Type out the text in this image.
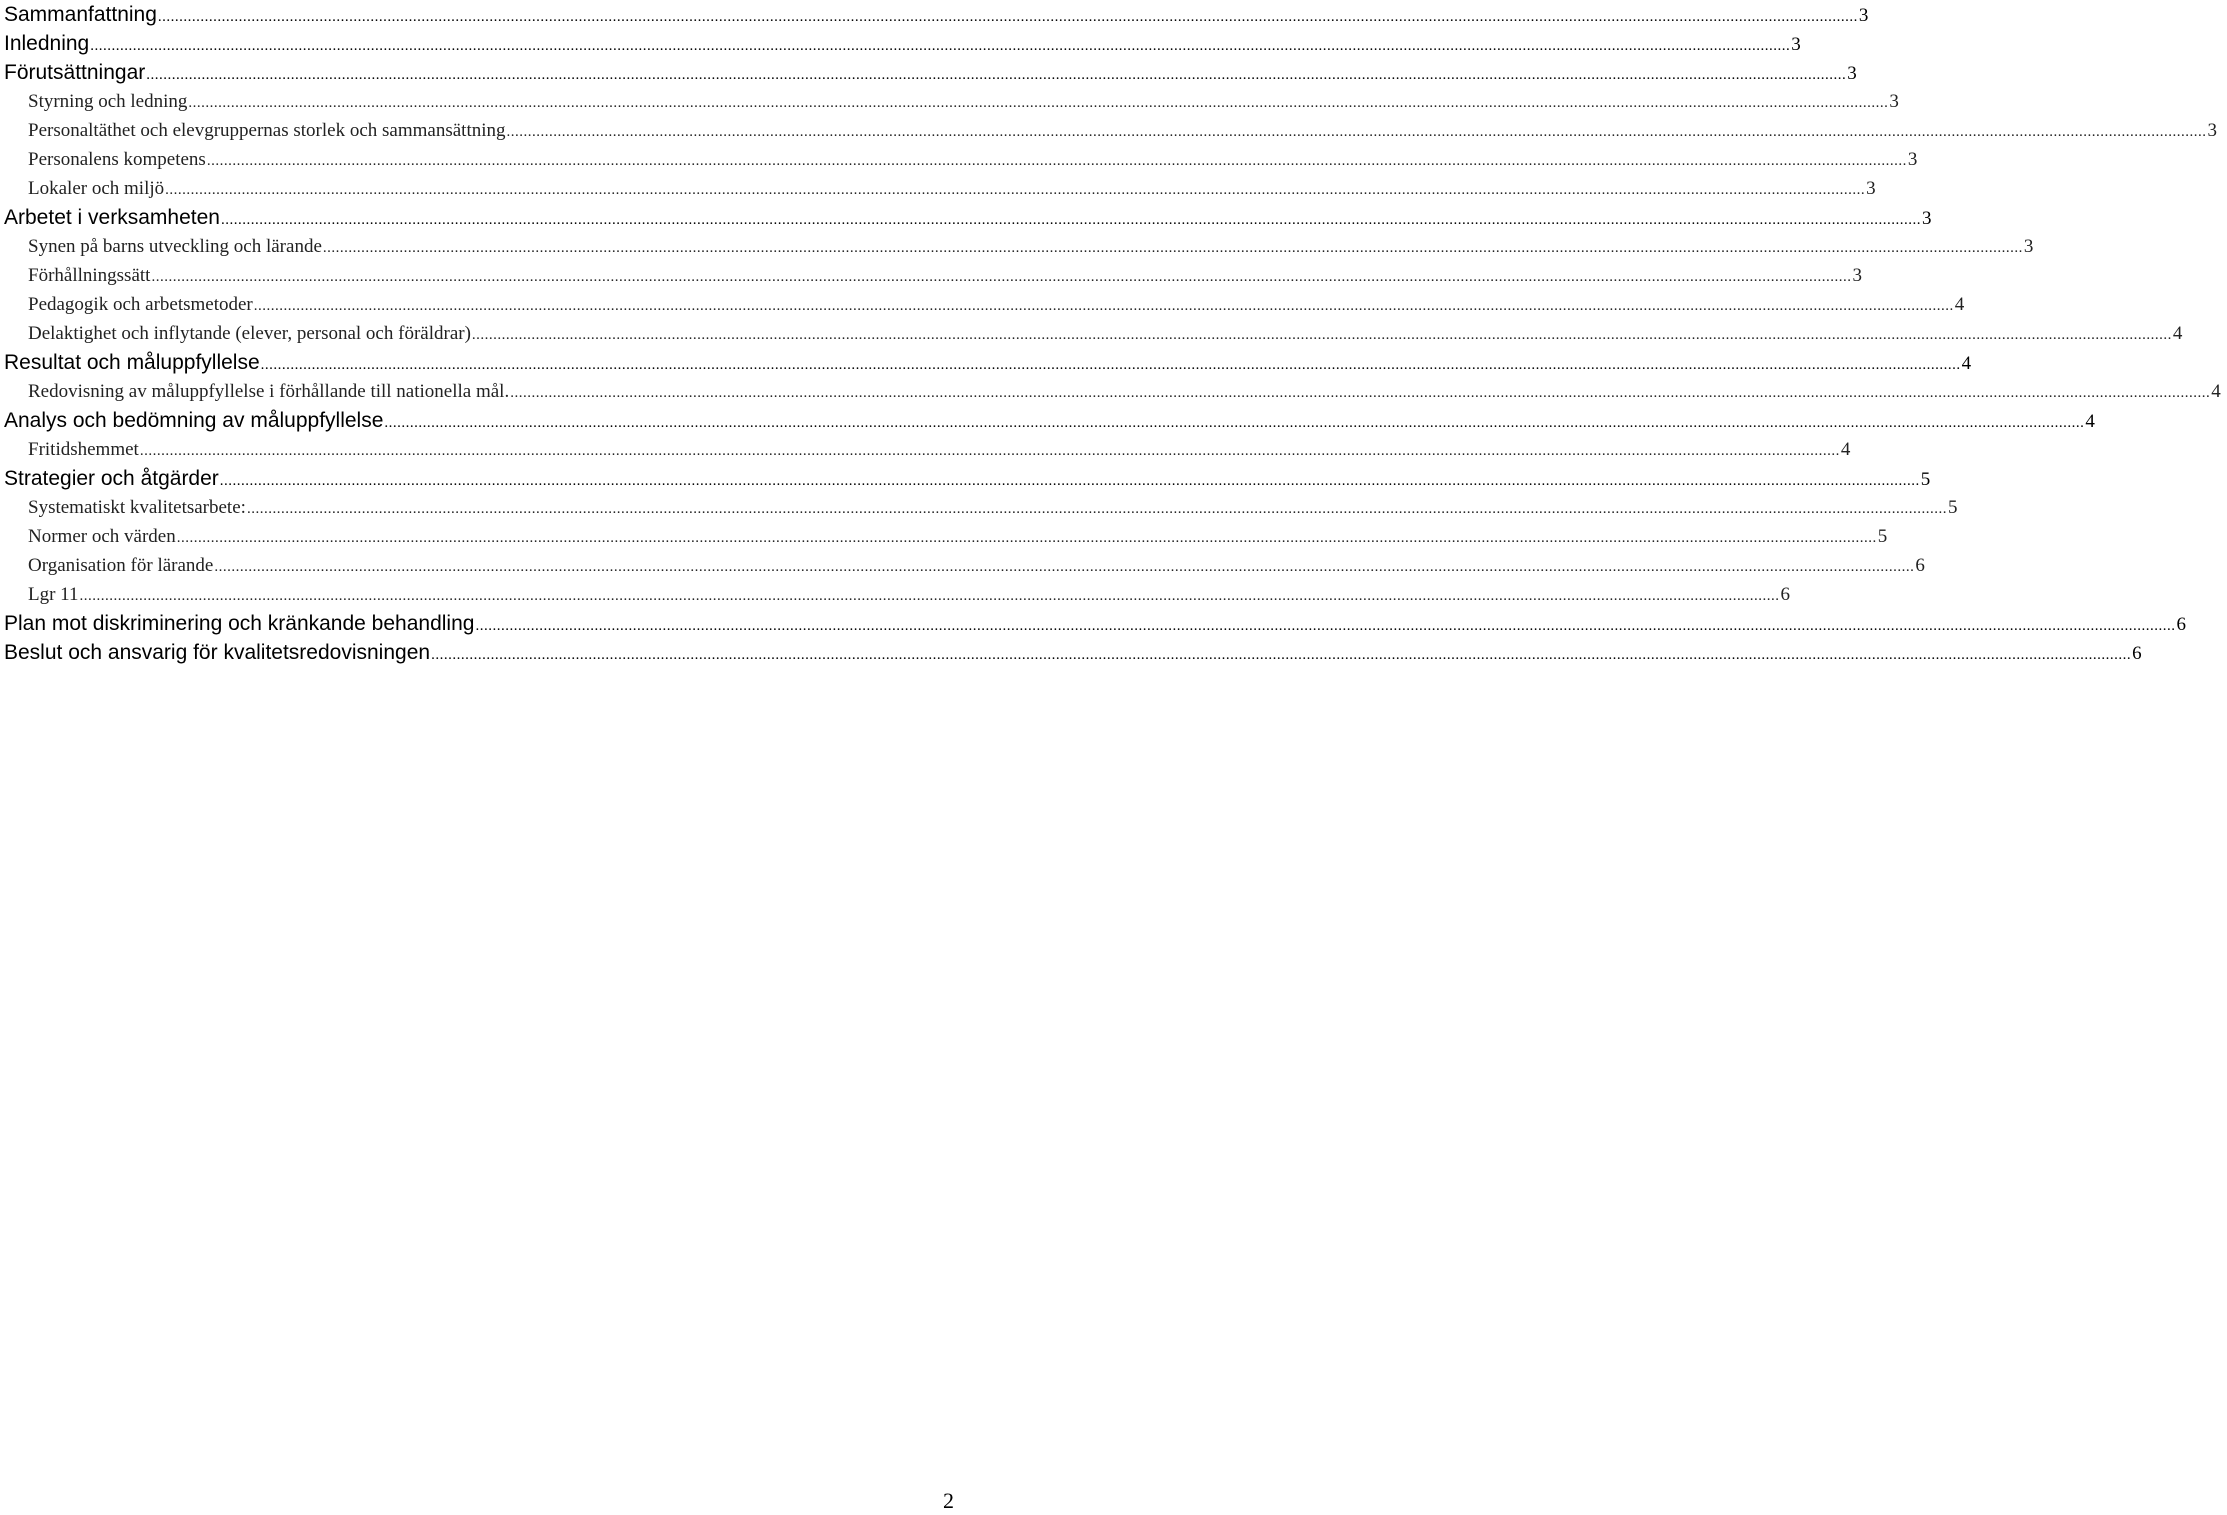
Sammanfattning ................................................................................................................................................................................................................................................................................................................................................................................................................ 3
Inledning ................................................................................................................................................................................................................................................................................................................................................................................................................ 3
Förutsättningar ................................................................................................................................................................................................................................................................................................................................................................................................................ 3
Styrning och ledning ................................................................................................................................................................................................................................................................................................................................................................................................................ 3
Personaltäthet och elevgruppernas storlek och sammansättning ................................................................................................................................................................................................................................................................................................................................................................................................................ 3
Personalens kompetens ................................................................................................................................................................................................................................................................................................................................................................................................................ 3
Lokaler och miljö ................................................................................................................................................................................................................................................................................................................................................................................................................ 3
Arbetet i verksamheten ................................................................................................................................................................................................................................................................................................................................................................................................................ 3
Synen på barns utveckling och lärande ................................................................................................................................................................................................................................................................................................................................................................................................................ 3
Förhållningssätt ................................................................................................................................................................................................................................................................................................................................................................................................................ 3
Pedagogik och arbetsmetoder ................................................................................................................................................................................................................................................................................................................................................................................................................ 4
Delaktighet och inflytande (elever, personal och föräldrar) ................................................................................................................................................................................................................................................................................................................................................................................................................ 4
Resultat och måluppfyllelse ................................................................................................................................................................................................................................................................................................................................................................................................................ 4
Redovisning av måluppfyllelse i förhållande till nationella mål. ................................................................................................................................................................................................................................................................................................................................................................................................................ 4
Analys och bedömning av måluppfyllelse ................................................................................................................................................................................................................................................................................................................................................................................................................ 4
Fritidshemmet ................................................................................................................................................................................................................................................................................................................................................................................................................ 4
Strategier och åtgärder ................................................................................................................................................................................................................................................................................................................................................................................................................ 5
Systematiskt kvalitetsarbete: ................................................................................................................................................................................................................................................................................................................................................................................................................ 5
Normer och värden ................................................................................................................................................................................................................................................................................................................................................................................................................ 5
Organisation för lärande ................................................................................................................................................................................................................................................................................................................................................................................................................ 6
Lgr 11 ................................................................................................................................................................................................................................................................................................................................................................................................................ 6
Plan mot diskriminering och kränkande behandling ................................................................................................................................................................................................................................................................................................................................................................................................................ 6
Beslut och ansvarig för kvalitetsredovisningen ................................................................................................................................................................................................................................................................................................................................................................................................................ 6
2
